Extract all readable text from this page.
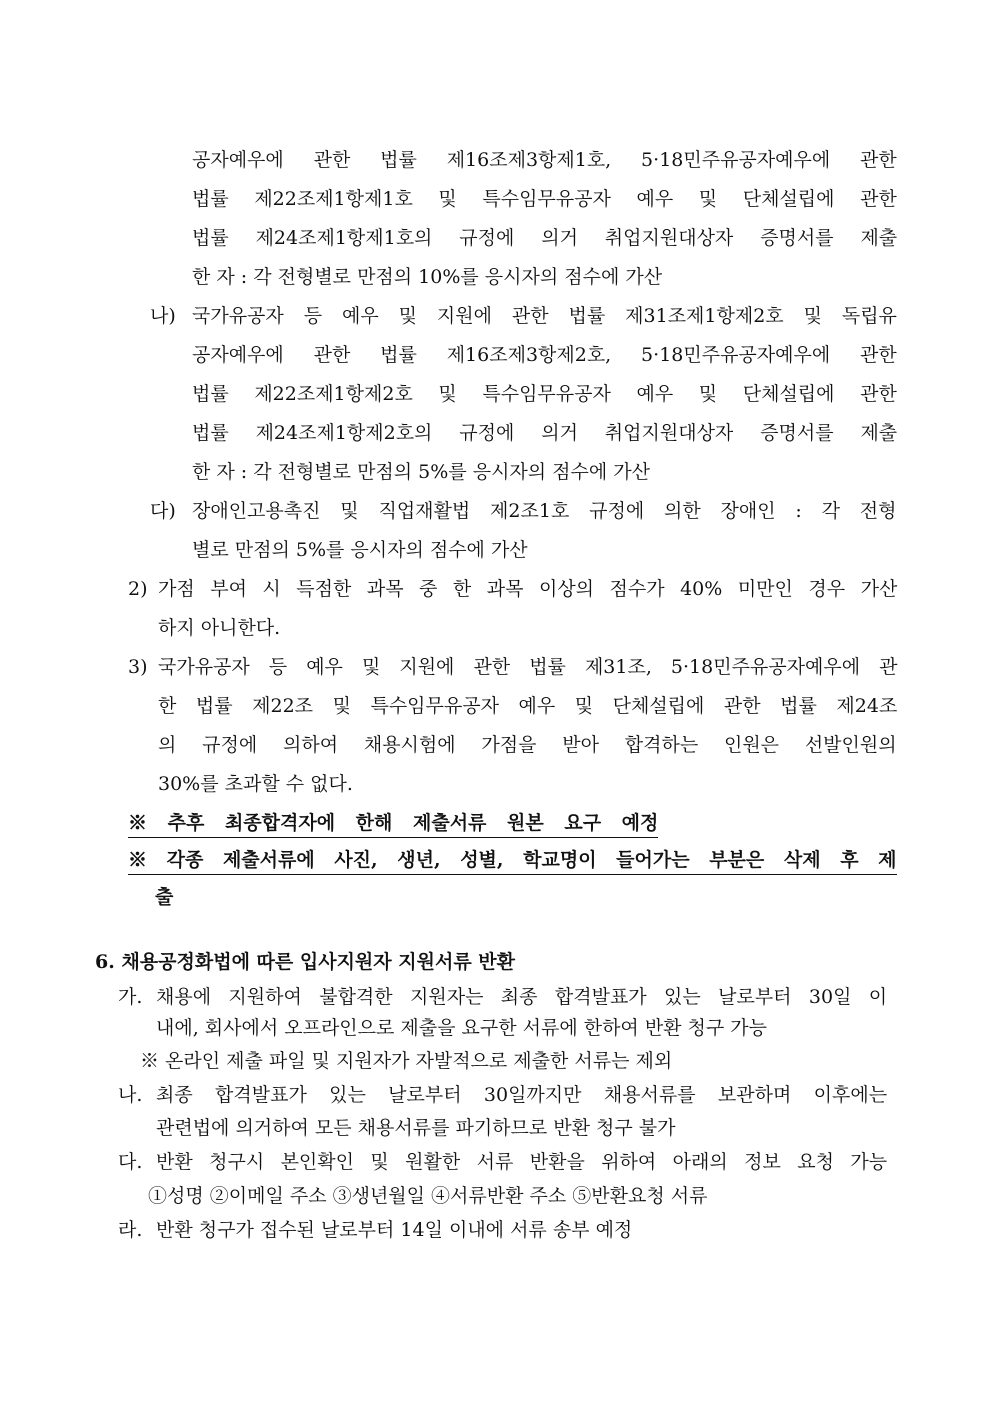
공자예우에 관한 법률 제16조제3항제1호, 5·18민주유공자예우에 관한
법률 제22조제1항제1호 및 특수임무유공자 예우 및 단체설립에 관한
법률 제24조제1항제1호의 규정에 의거 취업지원대상자 증명서를 제출
한 자 : 각 전형별로 만점의 10%를 응시자의 점수에 가산
나) 국가유공자 등 예우 및 지원에 관한 법률 제31조제1항제2호 및 독립유
공자예우에 관한 법률 제16조제3항제2호, 5·18민주유공자예우에 관한
법률 제22조제1항제2호 및 특수임무유공자 예우 및 단체설립에 관한
법률 제24조제1항제2호의 규정에 의거 취업지원대상자 증명서를 제출
한 자 : 각 전형별로 만점의 5%를 응시자의 점수에 가산
다) 장애인고용촉진 및 직업재활법 제2조1호 규정에 의한 장애인 : 각 전형
별로 만점의 5%를 응시자의 점수에 가산
2) 가점 부여 시 득점한 과목 중 한 과목 이상의 점수가 40% 미만인 경우 가산
하지 아니한다.
3) 국가유공자 등 예우 및 지원에 관한 법률 제31조, 5·18민주유공자예우에 관
한 법률 제22조 및 특수임무유공자 예우 및 단체설립에 관한 법률 제24조
의 규정에 의하여 채용시험에 가점을 받아 합격하는 인원은 선발인원의
30%를 초과할 수 없다.
※ 추후 최종합격자에 한해 제출서류 원본 요구 예정
※ 각종 제출서류에 사진, 생년, 성별, 학교명이 들어가는 부분은 삭제 후 제
출
6. 채용공정화법에 따른 입사지원자 지원서류 반환
가. 채용에 지원하여 불합격한 지원자는 최종 합격발표가 있는 날로부터 30일 이
내에, 회사에서 오프라인으로 제출을 요구한 서류에 한하여 반환 청구 가능
※ 온라인 제출 파일 및 지원자가 자발적으로 제출한 서류는 제외
나. 최종 합격발표가 있는 날로부터 30일까지만 채용서류를 보관하며 이후에는
관련법에 의거하여 모든 채용서류를 파기하므로 반환 청구 불가
다. 반환 청구시 본인확인 및 원활한 서류 반환을 위하여 아래의 정보 요청 가능
①성명 ②이메일 주소 ③생년월일 ④서류반환 주소 ⑤반환요청 서류
라. 반환 청구가 접수된 날로부터 14일 이내에 서류 송부 예정
